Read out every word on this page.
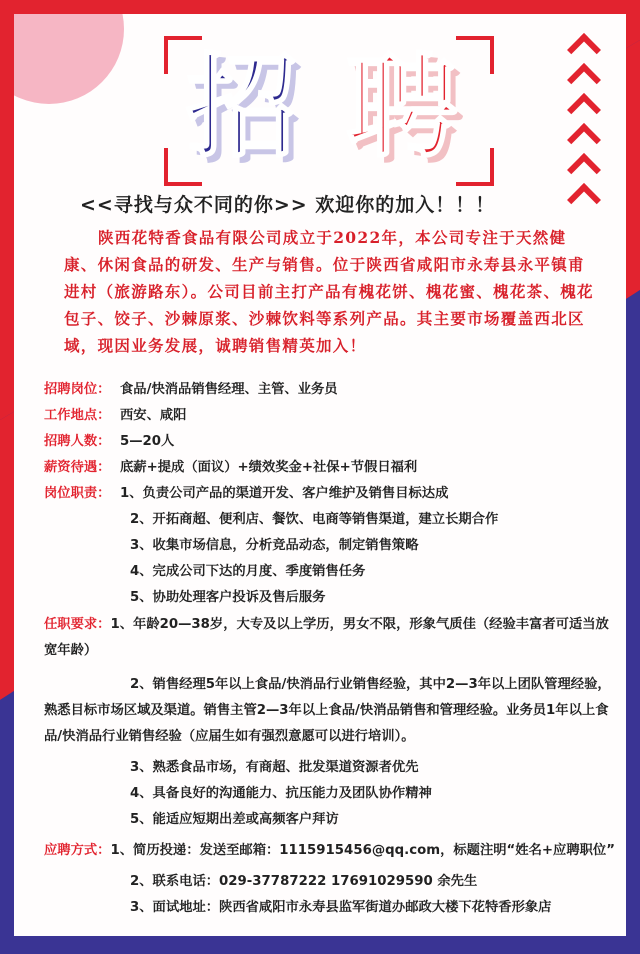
招 聘
<<寻找与众不同的你>> 欢迎你的加入！！！
陕西花特香食品有限公司成立于2022年，本公司专注于天然健康、休闲食品的研发、生产与销售。位于陕西省咸阳市永寿县永平镇甫进村（旅游路东）。公司目前主打产品有槐花饼、槐花蜜、槐花茶、槐花包子、饺子、沙棘原浆、沙棘饮料等系列产品。其主要市场覆盖西北区域，现因业务发展，诚聘销售精英加入！
招聘岗位： 食品/快消品销售经理、主管、业务员
工作地点： 西安、咸阳
招聘人数： 5—20人
薪资待遇： 底薪+提成（面议）+绩效奖金+社保+节假日福利
岗位职责： 1、负责公司产品的渠道开发、客户维护及销售目标达成
2、开拓商超、便利店、餐饮、电商等销售渠道，建立长期合作
3、收集市场信息，分析竞品动态，制定销售策略
4、完成公司下达的月度、季度销售任务
5、协助处理客户投诉及售后服务
任职要求：1、年龄20—38岁，大专及以上学历，男女不限，形象气质佳（经验丰富者可适当放宽年龄）
2、销售经理5年以上食品/快消品行业销售经验，其中2—3年以上团队管理经验，熟悉目标市场区域及渠道。销售主管2—3年以上食品/快消品销售和管理经验。业务员1年以上食品/快消品行业销售经验（应届生如有强烈意愿可以进行培训）。
3、熟悉食品市场，有商超、批发渠道资源者优先
4、具备良好的沟通能力、抗压能力及团队协作精神
5、能适应短期出差或高频客户拜访
应聘方式：1、简历投递：发送至邮箱：1115915456@qq.com，标题注明“姓名+应聘职位”
2、联系电话：029-37787222 17691029590 余先生
3、面试地址：陕西省咸阳市永寿县监军街道办邮政大楼下花特香形象店
